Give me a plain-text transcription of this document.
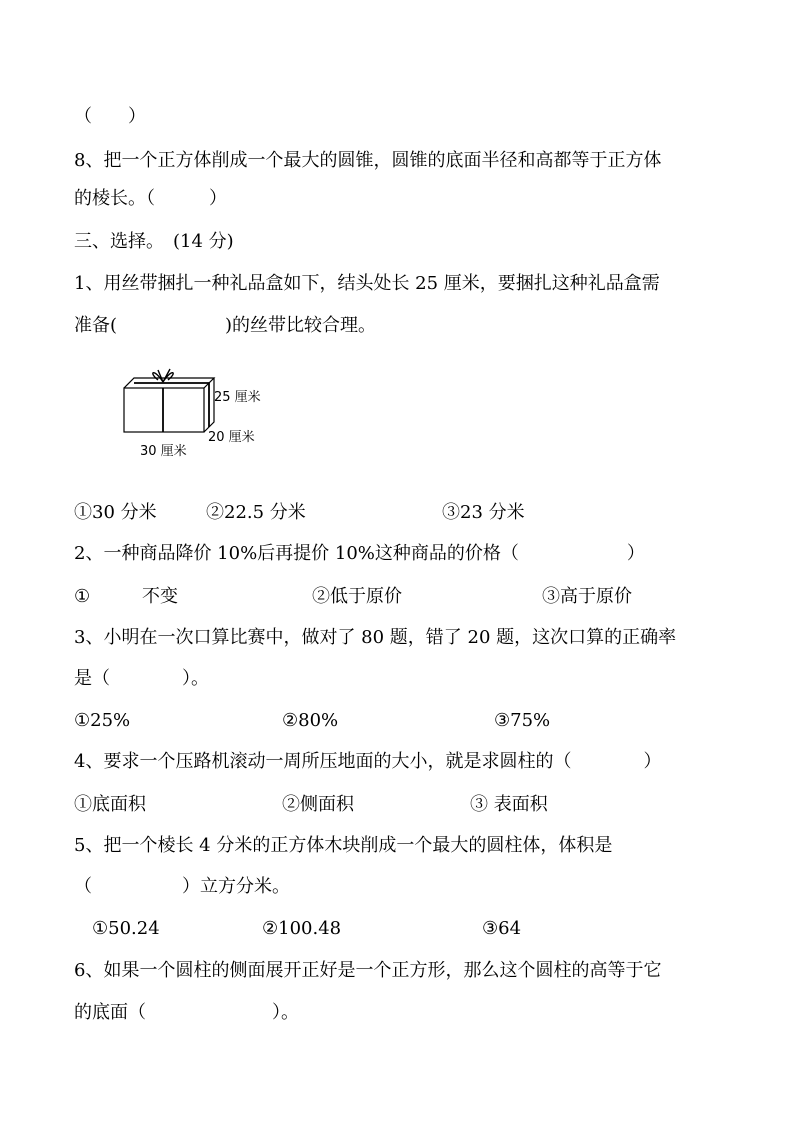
（　　）
8、把一个正方体削成一个最大的圆锥，圆锥的底面半径和高都等于正方体
的棱长。（　　　）
三、选择。　(14 分)
1、用丝带捆扎一种礼品盒如下，结头处长 25 厘米，要捆扎这种礼品盒需
准备(　　　　　　)的丝带比较合理。
25 厘米
20 厘米
30 厘米
①30 分米	②22.5 分米	③23 分米
2、一种商品降价 10%后再提价 10%这种商品的价格（　　　　　　）
①	不变	②低于原价	③高于原价
3、小明在一次口算比赛中，做对了 80 题，错了 20 题，这次口算的正确率
是（　　　　）。
①25%	②80%	③75%
4、要求一个压路机滚动一周所压地面的大小，就是求圆柱的（　　　　）
①底面积	②侧面积	③ 表面积
5、把一个棱长 4 分米的正方体木块削成一个最大的圆柱体，体积是
（　　　　　）立方分米。
①50.24	②100.48	③64
6、如果一个圆柱的侧面展开正好是一个正方形，那么这个圆柱的高等于它
的底面（　　　　　　　）。
